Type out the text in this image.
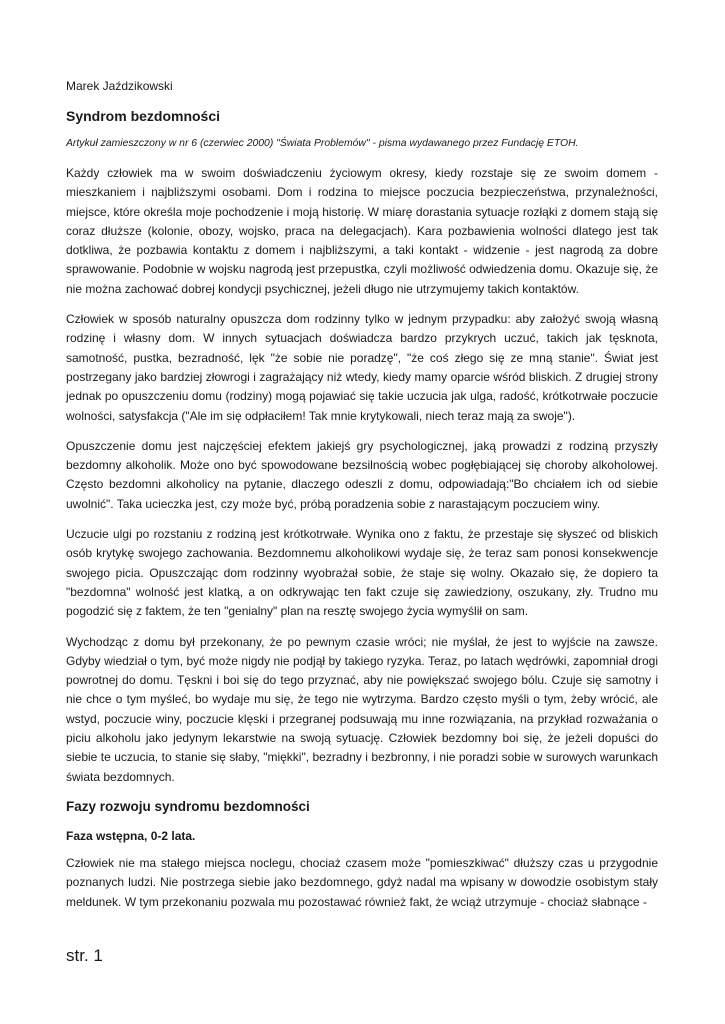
Marek Jaździkowski
Syndrom bezdomności
Artykuł zamieszczony w nr 6 (czerwiec 2000) "Świata Problemów" - pisma wydawanego przez Fundację ETOH.

Każdy człowiek ma w swoim doświadczeniu życiowym okresy, kiedy rozstaje się ze swoim domem - mieszkaniem i najbliższymi osobami. Dom i rodzina to miejsce poczucia bezpieczeństwa, przynależności, miejsce, które określa moje pochodzenie i moją historię. W miarę dorastania sytuacje rozłąki z domem stają się coraz dłuższe (kolonie, obozy, wojsko, praca na delegacjach). Kara pozbawienia wolności dlatego jest tak dotkliwa, że pozbawia kontaktu z domem i najbliższymi, a taki kontakt - widzenie - jest nagrodą za dobre sprawowanie. Podobnie w wojsku nagrodą jest przepustka, czyli możliwość odwiedzenia domu. Okazuje się, że nie można zachować dobrej kondycji psychicznej, jeżeli długo nie utrzymujemy takich kontaktów.

Człowiek w sposób naturalny opuszcza dom rodzinny tylko w jednym przypadku: aby założyć swoją własną rodzinę i własny dom. W innych sytuacjach doświadcza bardzo przykrych uczuć, takich jak tęsknota, samotność, pustka, bezradność, lęk "że sobie nie poradzę", "że coś złego się ze mną stanie". Świat jest postrzegany jako bardziej złowrogi i zagrażający niż wtedy, kiedy mamy oparcie wśród bliskich. Z drugiej strony jednak po opuszczeniu domu (rodziny) mogą pojawiać się takie uczucia jak ulga, radość, krótkotrwałe poczucie wolności, satysfakcja ("Ale im się odpłaciłem! Tak mnie krytykowali, niech teraz mają za swoje").

Opuszczenie domu jest najczęściej efektem jakiejś gry psychologicznej, jaką prowadzi z rodziną przyszły bezdomny alkoholik. Może ono być spowodowane bezsilnością wobec pogłębiającej się choroby alkoholowej. Często bezdomni alkoholicy na pytanie, dlaczego odeszli z domu, odpowiadają:"Bo chciałem ich od siebie uwolnić". Taka ucieczka jest, czy może być, próbą poradzenia sobie z narastającym poczuciem winy.

Uczucie ulgi po rozstaniu z rodziną jest krótkotrwałe. Wynika ono z faktu, że przestaje się słyszeć od bliskich osób krytykę swojego zachowania. Bezdomnemu alkoholikowi wydaje się, że teraz sam ponosi konsekwencje swojego picia. Opuszczając dom rodzinny wyobrażał sobie, że staje się wolny. Okazało się, że dopiero ta "bezdomna" wolność jest klatką, a on odkrywając ten fakt czuje się zawiedziony, oszukany, zły. Trudno mu pogodzić się z faktem, że ten "genialny" plan na resztę swojego życia wymyślił on sam.

Wychodząc z domu był przekonany, że po pewnym czasie wróci; nie myślał, że jest to wyjście na zawsze. Gdyby wiedział o tym, być może nigdy nie podjął by takiego ryzyka. Teraz, po latach wędrówki, zapomniał drogi powrotnej do domu. Tęskni i boi się do tego przyznać, aby nie powiększać swojego bólu. Czuje się samotny i nie chce o tym myśleć, bo wydaje mu się, że tego nie wytrzyma. Bardzo często myśli o tym, żeby wrócić, ale wstyd, poczucie winy, poczucie klęski i przegranej podsuwają mu inne rozwiązania, na przykład rozważania o piciu alkoholu jako jedynym lekarstwie na swoją sytuację. Człowiek bezdomny boi się, że jeżeli dopuści do siebie te uczucia, to stanie się słaby, "miękki", bezradny i bezbronny, i nie poradzi sobie w surowych warunkach świata bezdomnych.

Fazy rozwoju syndromu bezdomności
Faza wstępna, 0-2 lata.

Człowiek nie ma stałego miejsca noclegu, chociaż czasem może "pomieszkiwać" dłuższy czas u przygodnie poznanych ludzi. Nie postrzega siebie jako bezdomnego, gdyż nadal ma wpisany w dowodzie osobistym stały meldunek. W tym przekonaniu pozwala mu pozostawać również fakt, że wciąż utrzymuje - chociaż słabnące -

str. 1
